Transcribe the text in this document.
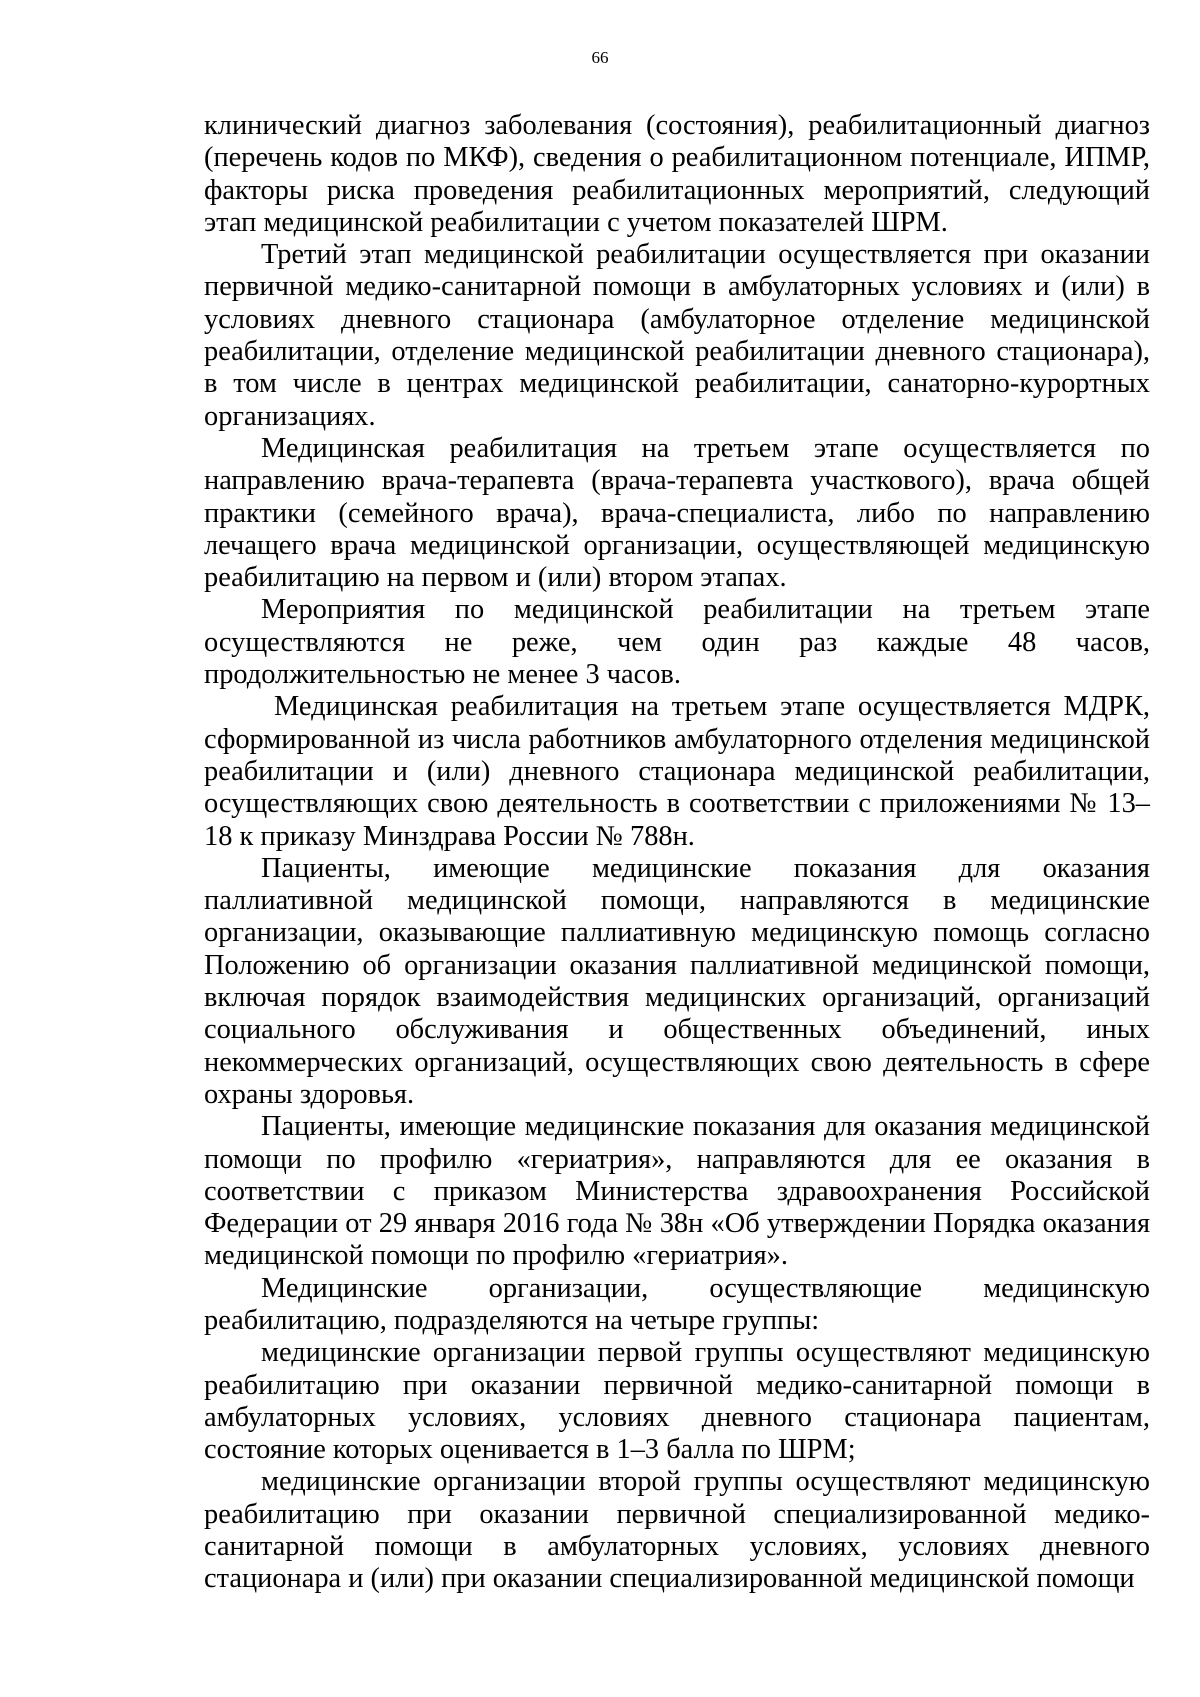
66

клинический диагноз заболевания (состояния), реабилитационный диагноз (перечень кодов по МКФ), сведения о реабилитационном потенциале, ИПМР, факторы риска проведения реабилитационных мероприятий, следующий этап медицинской реабилитации с учетом показателей ШРМ.

Третий этап медицинской реабилитации осуществляется при оказании первичной медико-санитарной помощи в амбулаторных условиях и (или) в условиях дневного стационара (амбулаторное отделение медицинской реабилитации, отделение медицинской реабилитации дневного стационара), в том числе в центрах медицинской реабилитации, санаторно-курортных организациях.

Медицинская реабилитация на третьем этапе осуществляется по направлению врача-терапевта (врача-терапевта участкового), врача общей практики (семейного врача), врача-специалиста, либо по направлению лечащего врача медицинской организации, осуществляющей медицинскую реабилитацию на первом и (или) втором этапах.

Мероприятия по медицинской реабилитации на третьем этапе осуществляются не реже, чем один раз каждые 48 часов, продолжительностью не менее 3 часов.

Медицинская реабилитация на третьем этапе осуществляется МДРК, сформированной из числа работников амбулаторного отделения медицинской реабилитации и (или) дневного стационара медицинской реабилитации, осуществляющих свою деятельность в соответствии с приложениями № 13–18 к приказу Минздрава России № 788н.

Пациенты, имеющие медицинские показания для оказания паллиативной медицинской помощи, направляются в медицинские организации, оказывающие паллиативную медицинскую помощь согласно Положению об организации оказания паллиативной медицинской помощи, включая порядок взаимодействия медицинских организаций, организаций социального обслуживания и общественных объединений, иных некоммерческих организаций, осуществляющих свою деятельность в сфере охраны здоровья.

Пациенты, имеющие медицинские показания для оказания медицинской помощи по профилю «гериатрия», направляются для ее оказания в соответствии с приказом Министерства здравоохранения Российской Федерации от 29 января 2016 года № 38н «Об утверждении Порядка оказания медицинской помощи по профилю «гериатрия».

Медицинские организации, осуществляющие медицинскую реабилитацию, подразделяются на четыре группы:

медицинские организации первой группы осуществляют медицинскую реабилитацию при оказании первичной медико-санитарной помощи в амбулаторных условиях, условиях дневного стационара пациентам, состояние которых оценивается в 1–3 балла по ШРМ;

медицинские организации второй группы осуществляют медицинскую реабилитацию при оказании первичной специализированной медико-санитарной помощи в амбулаторных условиях, условиях дневного стационара и (или) при оказании специализированной медицинской помощи
